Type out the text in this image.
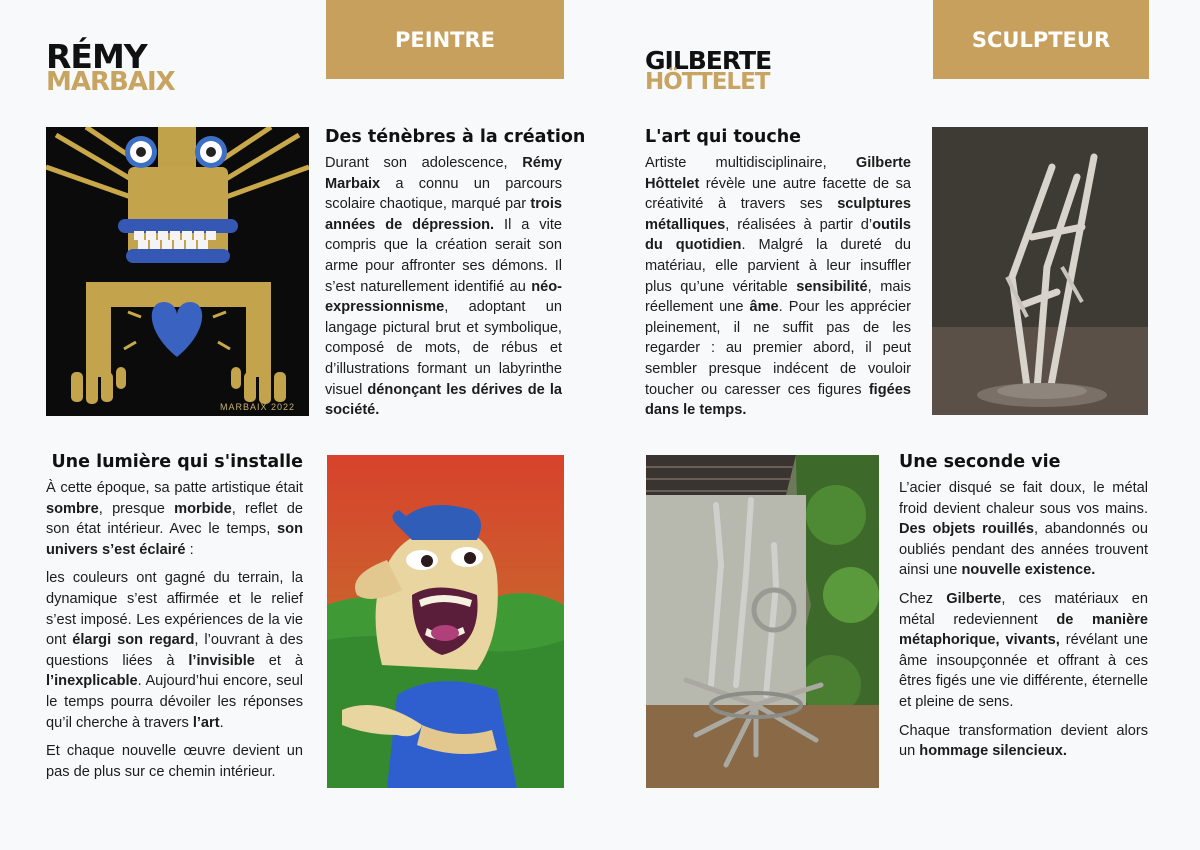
RÉMY
MARBAIX
PEINTRE
GILBERTE
HÖTTELET
SCULPTEUR
MARBAIX 2022
Des ténèbres à la création

Durant son adolescence, Rémy Marbaix a connu un parcours scolaire chaotique, marqué par trois années de dépression. Il a vite compris que la création serait son arme pour affronter ses démons. Il s’est naturellement identifié au néo-expressionnisme, adoptant un langage pictural brut et symbolique, composé de mots, de rébus et d’illustrations formant un labyrinthe visuel dénonçant les dérives de la société.

Une lumière qui s'installe

À cette époque, sa patte artistique était sombre, presque morbide, reflet de son état intérieur. Avec le temps, son univers s’est éclairé :

les couleurs ont gagné du terrain, la dynamique s’est affirmée et le relief s’est imposé. Les expériences de la vie ont élargi son regard, l’ouvrant à des questions liées à l’invisible et à l’inexplicable. Aujourd’hui encore, seul le temps pourra dévoiler les réponses qu’il cherche à travers l’art.

Et chaque nouvelle œuvre devient un pas de plus sur ce chemin intérieur.

L'art qui touche

Artiste multidisciplinaire, Gilberte Hôttelet révèle une autre facette de sa créativité à travers ses sculptures métalliques, réalisées à partir d’outils du quotidien. Malgré la dureté du matériau, elle parvient à leur insuffler plus qu’une véritable sensibilité, mais réellement une âme. Pour les apprécier pleinement, il ne suffit pas de les regarder : au premier abord, il peut sembler presque indécent de vouloir toucher ou caresser ces figures figées dans le temps.

Une seconde vie

L’acier disqué se fait doux, le métal froid devient chaleur sous vos mains. Des objets rouillés, abandonnés ou oubliés pendant des années trouvent ainsi une nouvelle existence.

Chez Gilberte, ces matériaux en métal redeviennent de manière métaphorique, vivants, révélant une âme insoupçonnée et offrant à ces êtres figés une vie différente, éternelle et pleine de sens.

Chaque transformation devient alors un hommage silencieux.
